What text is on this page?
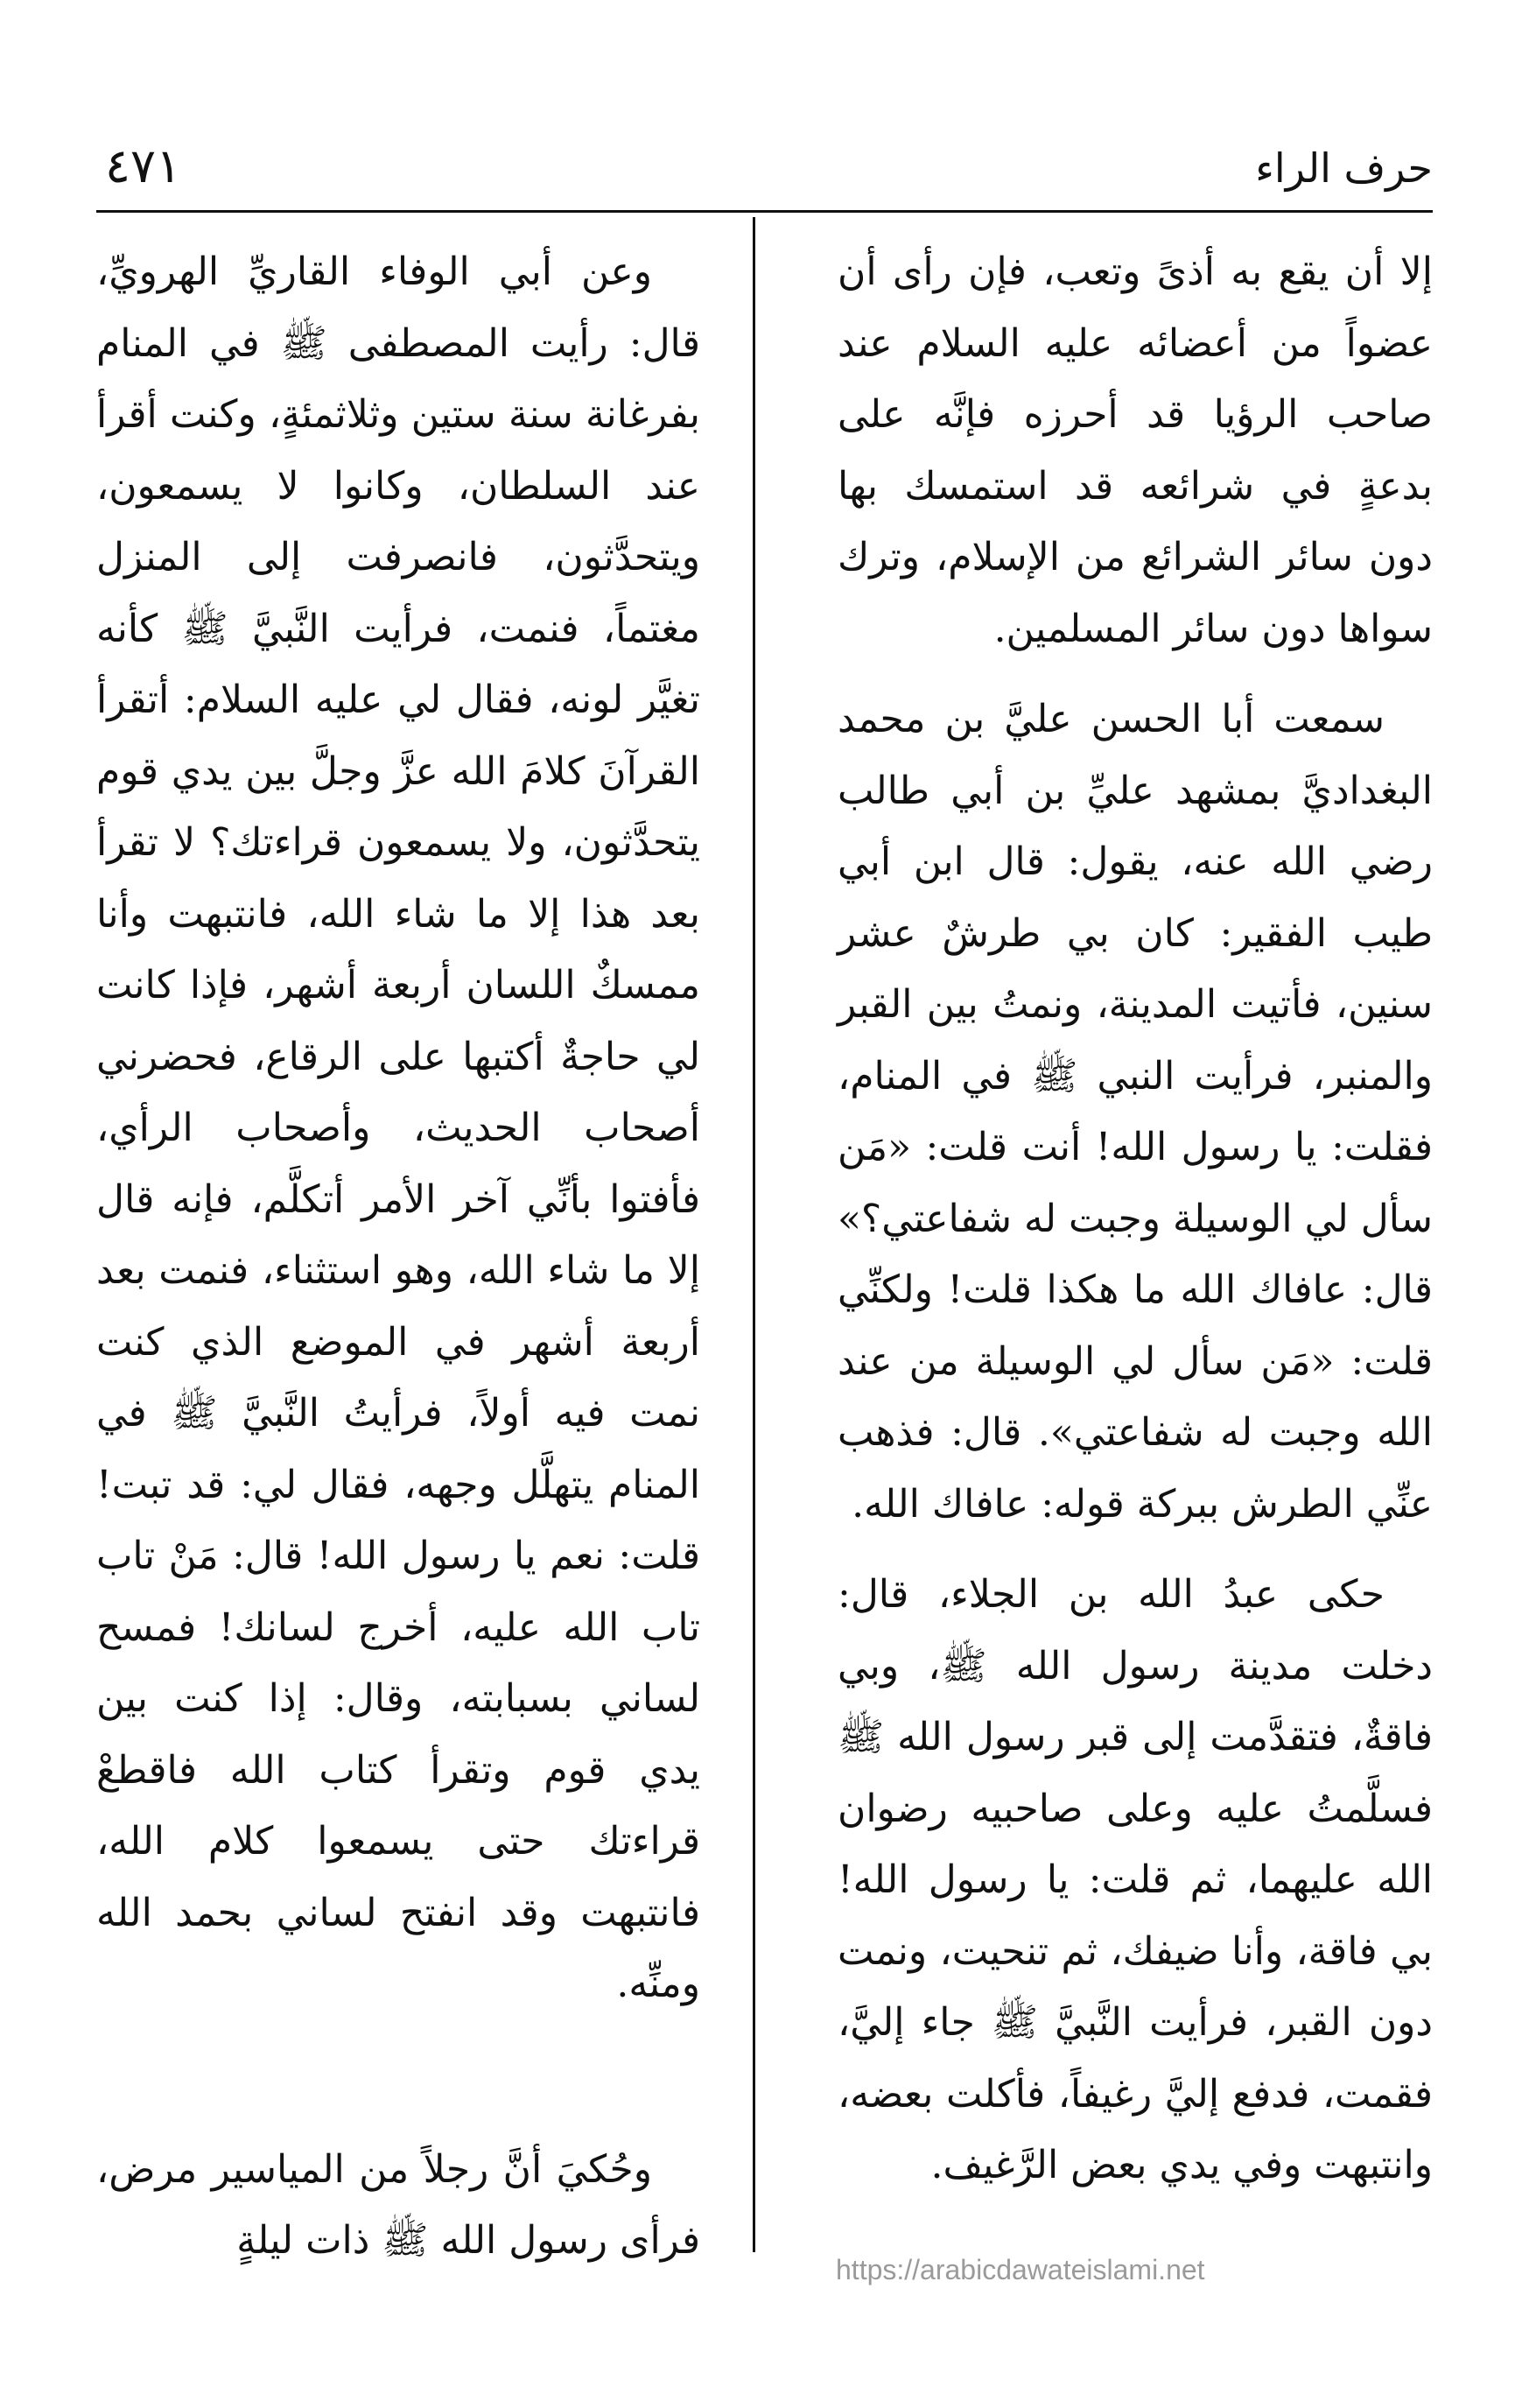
حرف الراء
٤٧١

إلا أن يقع به أذىً وتعب، فإن رأى أن عضواً من أعضائه عليه السلام عند صاحب الرؤيا قد أحرزه فإنَّه على بدعةٍ في شرائعه قد استمسك بها دون سائر الشرائع من الإسلام، وترك سواها دون سائر المسلمين.

سمعت أبا الحسن عليَّ بن محمد البغداديَّ بمشهد عليِّ بن أبي طالب رضي الله عنه، يقول: قال ابن أبي طيب الفقير: كان بي طرشٌ عشر سنين، فأتيت المدينة، ونمتُ بين القبر والمنبر، فرأيت النبي ﷺ في المنام، فقلت: يا رسول الله! أنت قلت: «مَن سأل لي الوسيلة وجبت له شفاعتي؟» قال: عافاك الله ما هكذا قلت! ولكنِّي قلت: «مَن سأل لي الوسيلة من عند الله وجبت له شفاعتي». قال: فذهب عنِّي الطرش ببركة قوله: عافاك الله.

حكى عبدُ الله بن الجلاء، قال: دخلت مدينة رسول الله ﷺ، وبي فاقةٌ، فتقدَّمت إلى قبر رسول الله ﷺ فسلَّمتُ عليه وعلى صاحبيه رضوان الله عليهما، ثم قلت: يا رسول الله! بي فاقة، وأنا ضيفك، ثم تنحيت، ونمت دون القبر، فرأيت النَّبيَّ ﷺ جاء إليَّ، فقمت، فدفع إليَّ رغيفاً، فأكلت بعضه، وانتبهت وفي يدي بعض الرَّغيف.

وعن أبي الوفاء القاريِّ الهرويِّ، قال: رأيت المصطفى ﷺ في المنام بفرغانة سنة ستين وثلاثمئةٍ، وكنت أقرأ عند السلطان، وكانوا لا يسمعون، ويتحدَّثون، فانصرفت إلى المنزل مغتماً، فنمت، فرأيت النَّبيَّ ﷺ كأنه تغيَّر لونه، فقال لي عليه السلام: أتقرأ القرآنَ كلامَ الله عزَّ وجلَّ بين يدي قوم يتحدَّثون، ولا يسمعون قراءتك؟ لا تقرأ بعد هذا إلا ما شاء الله، فانتبهت وأنا ممسكٌ اللسان أربعة أشهر، فإذا كانت لي حاجةٌ أكتبها على الرقاع، فحضرني أصحاب الحديث، وأصحاب الرأي، فأفتوا بأنِّي آخر الأمر أتكلَّم، فإنه قال إلا ما شاء الله، وهو استثناء، فنمت بعد أربعة أشهر في الموضع الذي كنت نمت فيه أولاً، فرأيتُ النَّبيَّ ﷺ في المنام يتهلَّل وجهه، فقال لي: قد تبت! قلت: نعم يا رسول الله! قال: مَنْ تاب تاب الله عليه، أخرج لسانك! فمسح لساني بسبابته، وقال: إذا كنت بين يدي قوم وتقرأ كتاب الله فاقطعْ قراءتك حتى يسمعوا كلام الله، فانتبهت وقد انفتح لساني بحمد الله ومنِّه.

وحُكيَ أنَّ رجلاً من المياسير مرض، فرأى رسول الله ﷺ ذات ليلةٍ

https://arabicdawateislami.net
